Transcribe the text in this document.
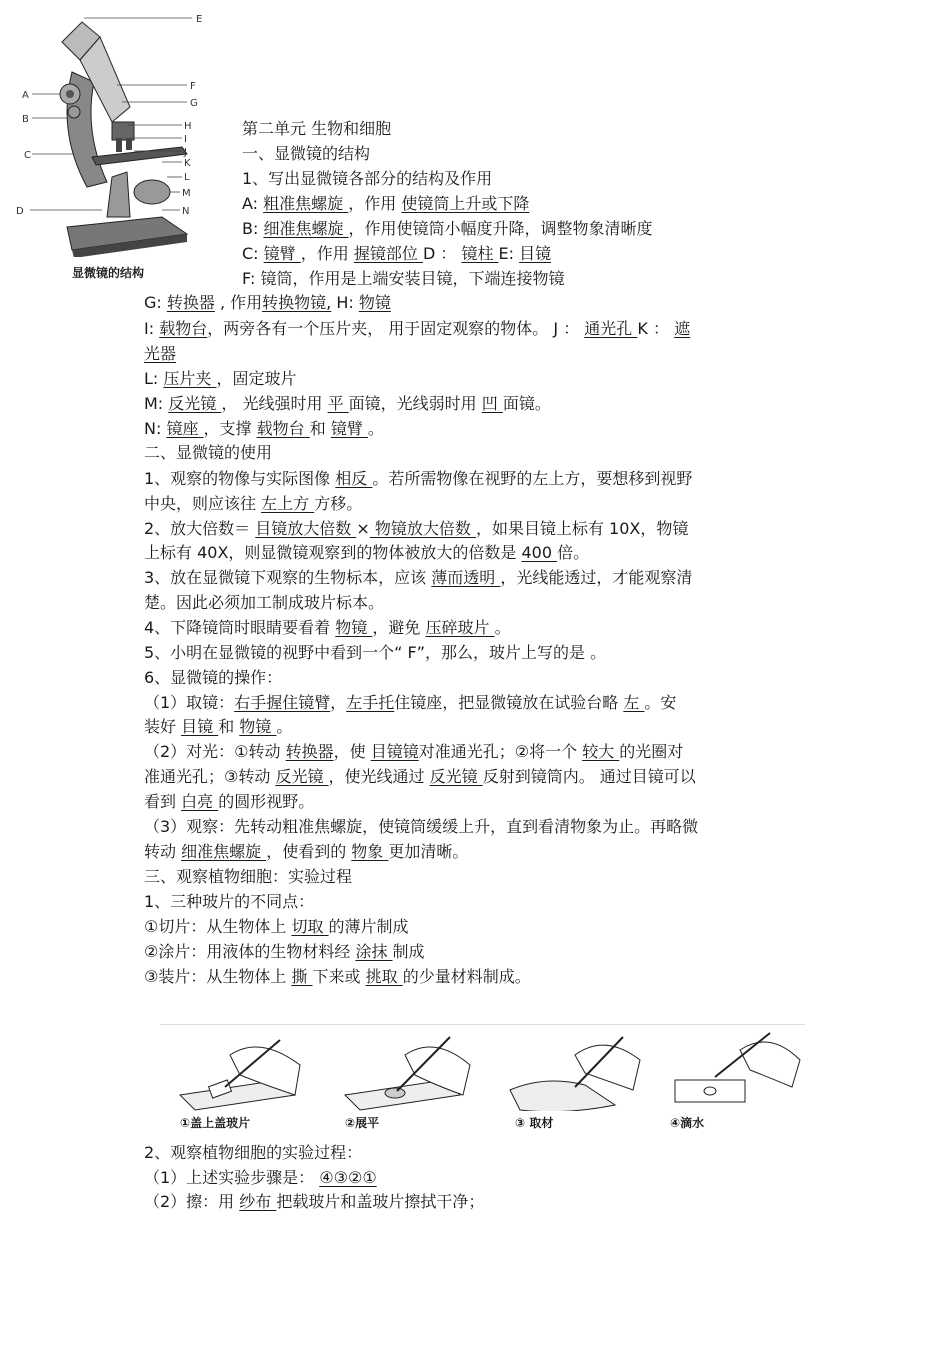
E
F
G
H
I
J
K
L
M
N
A
B
C
D
显微镜的结构
第二单元 生物和细胞
一、显微镜的结构
1、写出显微镜各部分的结构及作用
A: 粗准焦螺旋 ，作用 使镜筒上升或下降
B: 细准焦螺旋 ，作用使镜筒小幅度升降，调整物象清晰度
C: 镜臂 ，作用 握镜部位 D ： 镜柱 E: 目镜
F: 镜筒，作用是上端安装目镜，下端连接物镜
G: 转换器 , 作用转换物镜, H: 物镜
I: 载物台，两旁各有一个压片夹， 用于固定观察的物体。 J ： 通光孔 K ： 遮
光器
L: 压片夹 ，固定玻片
M: 反光镜 ， 光线强时用 平 面镜，光线弱时用 凹 面镜。
N: 镜座 ，支撑 载物台 和 镜臂 。
二、显微镜的使用
1、观察的物像与实际图像 相反 。若所需物像在视野的左上方，要想移到视野
中央，则应该往 左上方 方移。
2、放大倍数＝ 目镜放大倍数 × 物镜放大倍数 ，如果目镜上标有 10X，物镜
上标有 40X，则显微镜观察到的物体被放大的倍数是 400 倍。
3、放在显微镜下观察的生物标本，应该 薄而透明 ，光线能透过，才能观察清
楚。因此必须加工制成玻片标本。
4、下降镜筒时眼睛要看着 物镜 ，避免 压碎玻片 。
5、小明在显微镜的视野中看到一个“ F”，那么，玻片上写的是 。
6、显微镜的操作：
（1）取镜：右手握住镜臂，左手托住镜座，把显微镜放在试验台略 左 。安
装好 目镜 和 物镜 。
（2）对光：①转动 转换器，使 目镜镜对准通光孔；②将一个 较大 的光圈对
准通光孔；③转动 反光镜 ，使光线通过 反光镜 反射到镜筒内。 通过目镜可以
看到 白亮 的圆形视野。
（3）观察：先转动粗准焦螺旋，使镜筒缓缓上升，直到看清物象为止。再略微
转动 细准焦螺旋 ，使看到的 物象 更加清晰。
三、观察植物细胞：实验过程
1、三种玻片的不同点：
①切片：从生物体上 切取 的薄片制成
②涂片：用液体的生物材料经 涂抹 制成
③装片：从生物体上 撕 下来或 挑取 的少量材料制成。
2、观察植物细胞的实验过程：
（1）上述实验步骤是： ④③②①
（2）擦：用 纱布 把载玻片和盖玻片擦拭干净；
①盖上盖玻片	②展平	③ 取材	④滴水
